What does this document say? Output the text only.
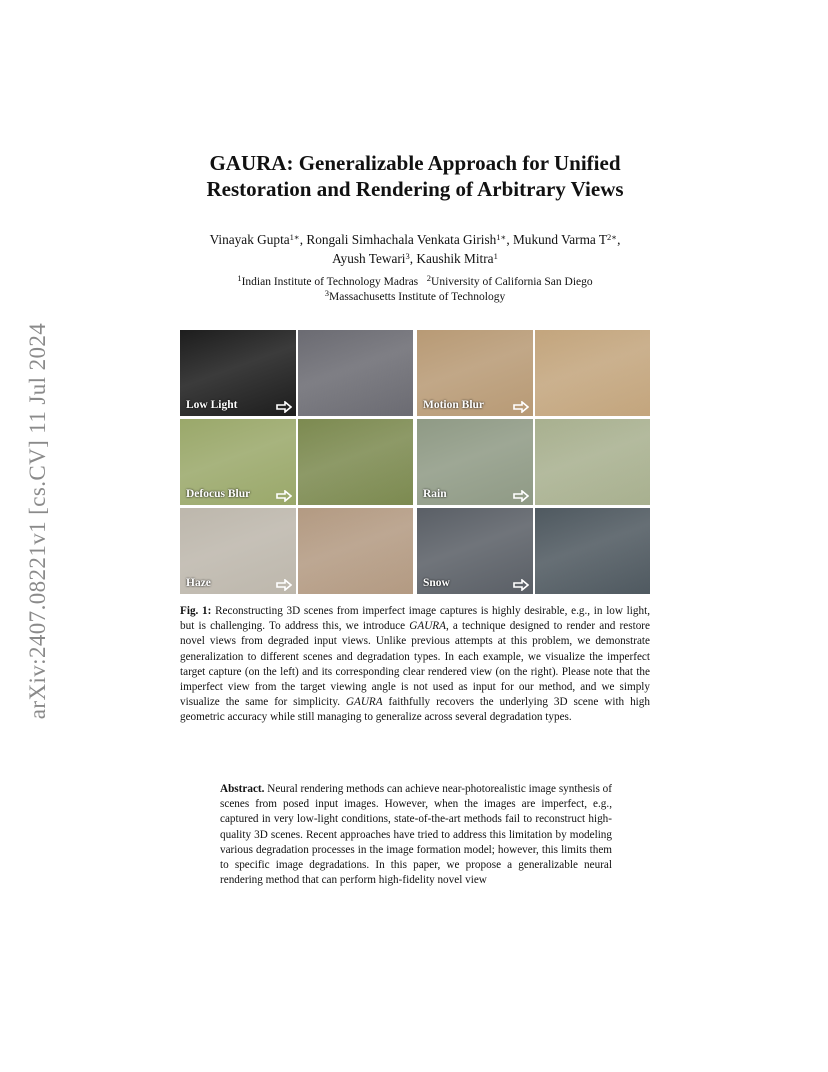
arXiv:2407.08221v1 [cs.CV] 11 Jul 2024
GAURA: Generalizable Approach for Unified
Restoration and Rendering of Arbitrary Views
Vinayak Gupta$^{1∗}$, Rongali Simhachala Venkata Girish$^{1∗}$, Mukund Varma $T^{2∗}$,
Ayush Tewari$^3$, Kaushik Mitra$^1$
$^1$Indian Institute of Technology Madras $^2$University of California San Diego
$^3$Massachusetts Institute of Technology
Low Light	Motion Blur
Defocus Blur	Rain
Haze	Snow
Fig. 1: Reconstructing 3D scenes from imperfect image captures is highly desirable, e.g., in low light, but is challenging. To address this, we introduce GAURA, a technique designed to render and restore novel views from degraded input views. Unlike previous attempts at this problem, we demonstrate generalization to different scenes and degradation types. In each example, we visualize the imperfect target capture (on the left) and its corresponding clear rendered view (on the right). Please note that the imperfect view from the target viewing angle is not used as input for our method, and we simply visualize the same for simplicity. GAURA faithfully recovers the underlying 3D scene with high geometric accuracy while still managing to generalize across several degradation types.
Abstract. Neural rendering methods can achieve near-photorealistic image synthesis of scenes from posed input images. However, when the images are imperfect, e.g., captured in very low-light conditions, state-of-the-art methods fail to reconstruct high-quality 3D scenes. Recent approaches have tried to address this limitation by modeling various degradation processes in the image formation model; however, this limits them to specific image degradations. In this paper, we propose a generalizable neural rendering method that can perform high-fidelity novel view
